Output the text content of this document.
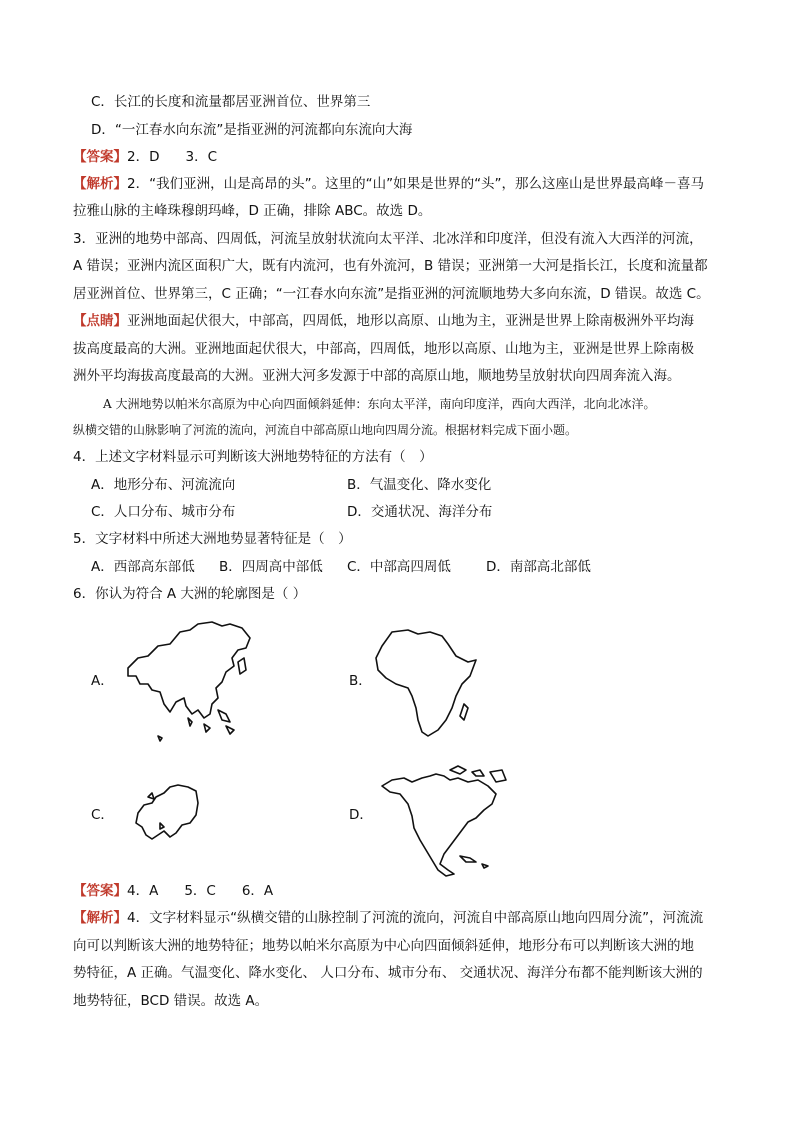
C．长江的长度和流量都居亚洲首位、世界第三
D．“一江春水向东流”是指亚洲的河流都向东流向大海
【答案】2．D 3．C
【解析】2．“我们亚洲，山是高昂的头”。这里的“山”如果是世界的“头”，那么这座山是世界最高峰－喜马
拉雅山脉的主峰珠穆朗玛峰，D 正确，排除 ABC。故选 D。
3．亚洲的地势中部高、四周低，河流呈放射状流向太平洋、北冰洋和印度洋，但没有流入大西洋的河流，
A 错误；亚洲内流区面积广大，既有内流河，也有外流河，B 错误；亚洲第一大河是指长江，长度和流量都
居亚洲首位、世界第三，C 正确；“一江春水向东流”是指亚洲的河流顺地势大多向东流，D 错误。故选 C。
【点睛】亚洲地面起伏很大，中部高，四周低，地形以高原、山地为主，亚洲是世界上除南极洲外平均海
拔高度最高的大洲。亚洲地面起伏很大，中部高，四周低，地形以高原、山地为主，亚洲是世界上除南极
洲外平均海拔高度最高的大洲。亚洲大河多发源于中部的高原山地，顺地势呈放射状向四周奔流入海。
A 大洲地势以帕米尔高原为中心向四面倾斜延伸：东向太平洋，南向印度洋，西向大西洋，北向北冰洋。
纵横交错的山脉影响了河流的流向，河流自中部高原山地向四周分流。根据材料完成下面小题。
4．上述文字材料显示可判断该大洲地势特征的方法有（　）
A．地形分布、河流流向	B．气温变化、降水变化
C．人口分布、城市分布	D．交通状况、海洋分布
5．文字材料中所述大洲地势显著特征是（　）
A．西部高东部低 B．四周高中部低 C．中部高四周低	D．南部高北部低
6．你认为符合 A 大洲的轮廓图是（ ）
A．	B．
C．	D．
【答案】4．A 5．C 6．A
【解析】4．文字材料显示“纵横交错的山脉控制了河流的流向，河流自中部高原山地向四周分流”，河流流
向可以判断该大洲的地势特征；地势以帕米尔高原为中心向四面倾斜延伸，地形分布可以判断该大洲的地
势特征，A 正确。气温变化、降水变化、 人口分布、城市分布、 交通状况、海洋分布都不能判断该大洲的
地势特征，BCD 错误。故选 A。
